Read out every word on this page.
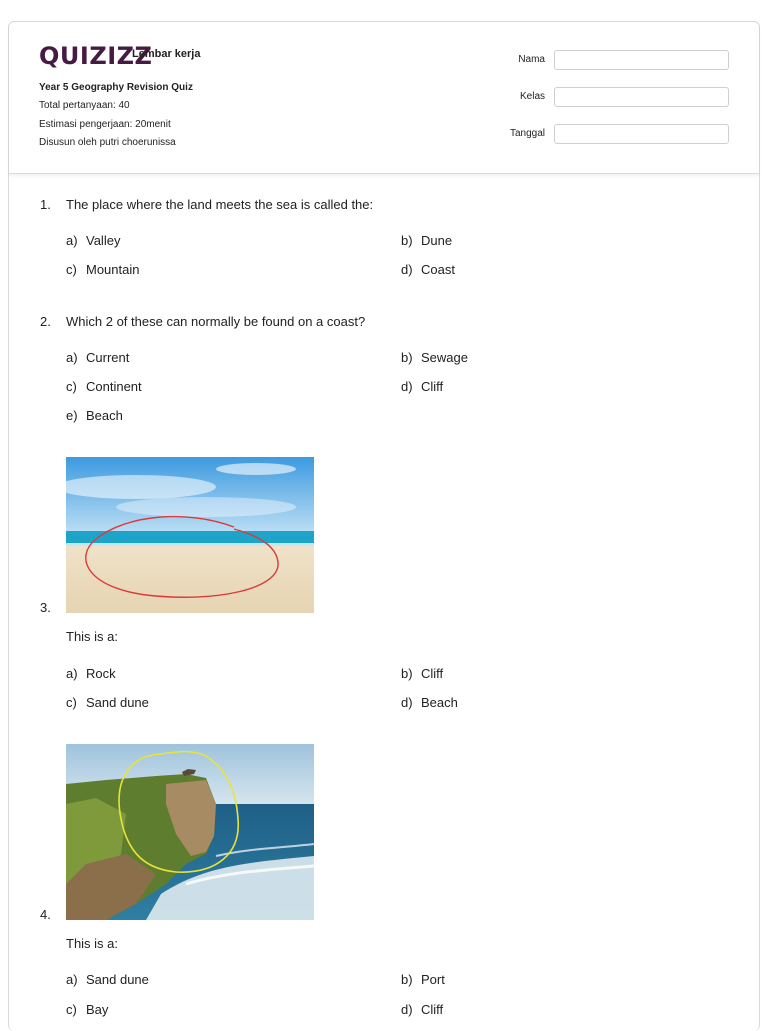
QUIZIZZ
Lembar kerja
Year 5 Geography Revision Quiz
Total pertanyaan: 40
Estimasi pengerjaan: 20menit
Disusun oleh putri choerunissa
Nama
Kelas
Tanggal
1. The place where the land meets the sea is called the:
a) Valley	b) Dune
c) Mountain	d) Coast
2. Which 2 of these can normally be found on a coast?
a) Current	b) Sewage
c) Continent	d) Cliff
e) Beach
3.
This is a:
a) Rock	b) Cliff
c) Sand dune	d) Beach
4.
This is a:
a) Sand dune	b) Port
c) Bay	d) Cliff
